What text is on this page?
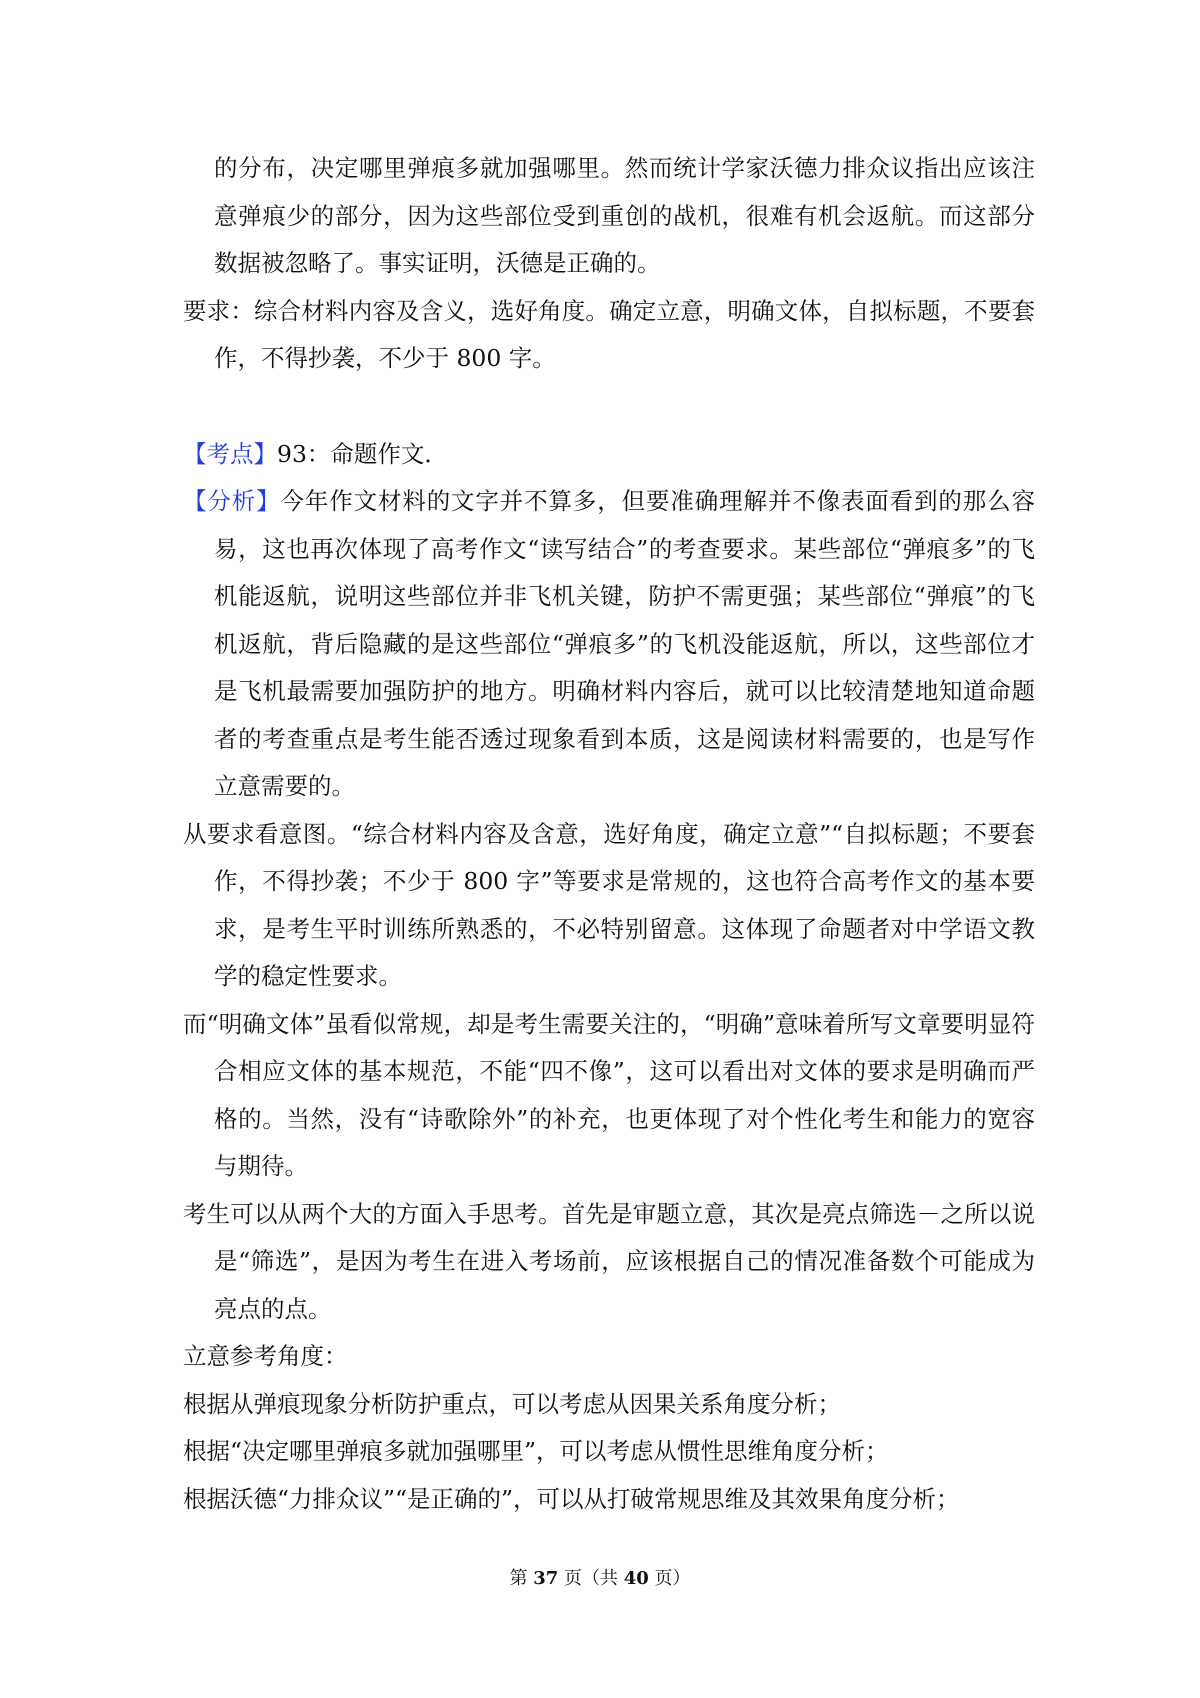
的分布，决定哪里弹痕多就加强哪里。然而统计学家沃德力排众议指出应该注意弹痕少的部分，因为这些部位受到重创的战机，很难有机会返航。而这部分数据被忽略了。事实证明，沃德是正确的。

要求：综合材料内容及含义，选好角度。确定立意，明确文体，自拟标题，不要套作，不得抄袭，不少于 800 字。

【考点】93：命题作文．

【分析】今年作文材料的文字并不算多，但要准确理解并不像表面看到的那么容易，这也再次体现了高考作文“读写结合”的考查要求。某些部位“弹痕多”的飞机能返航，说明这些部位并非飞机关键，防护不需更强；某些部位“弹痕”的飞机返航，背后隐藏的是这些部位“弹痕多”的飞机没能返航，所以，这些部位才是飞机最需要加强防护的地方。明确材料内容后，就可以比较清楚地知道命题者的考查重点是考生能否透过现象看到本质，这是阅读材料需要的，也是写作立意需要的。

从要求看意图。“综合材料内容及含意，选好角度，确定立意”“自拟标题；不要套作，不得抄袭；不少于 800 字”等要求是常规的，这也符合高考作文的基本要求，是考生平时训练所熟悉的，不必特别留意。这体现了命题者对中学语文教学的稳定性要求。

而“明确文体”虽看似常规，却是考生需要关注的，“明确”意味着所写文章要明显符合相应文体的基本规范，不能“四不像”，这可以看出对文体的要求是明确而严格的。当然，没有“诗歌除外”的补充，也更体现了对个性化考生和能力的宽容与期待。

考生可以从两个大的方面入手思考。首先是审题立意，其次是亮点筛选－之所以说是“筛选”，是因为考生在进入考场前，应该根据自己的情况准备数个可能成为亮点的点。

立意参考角度：

根据从弹痕现象分析防护重点，可以考虑从因果关系角度分析；

根据“决定哪里弹痕多就加强哪里”，可以考虑从惯性思维角度分析；

根据沃德“力排众议”“是正确的”，可以从打破常规思维及其效果角度分析；

第 37 页（共 40 页）
